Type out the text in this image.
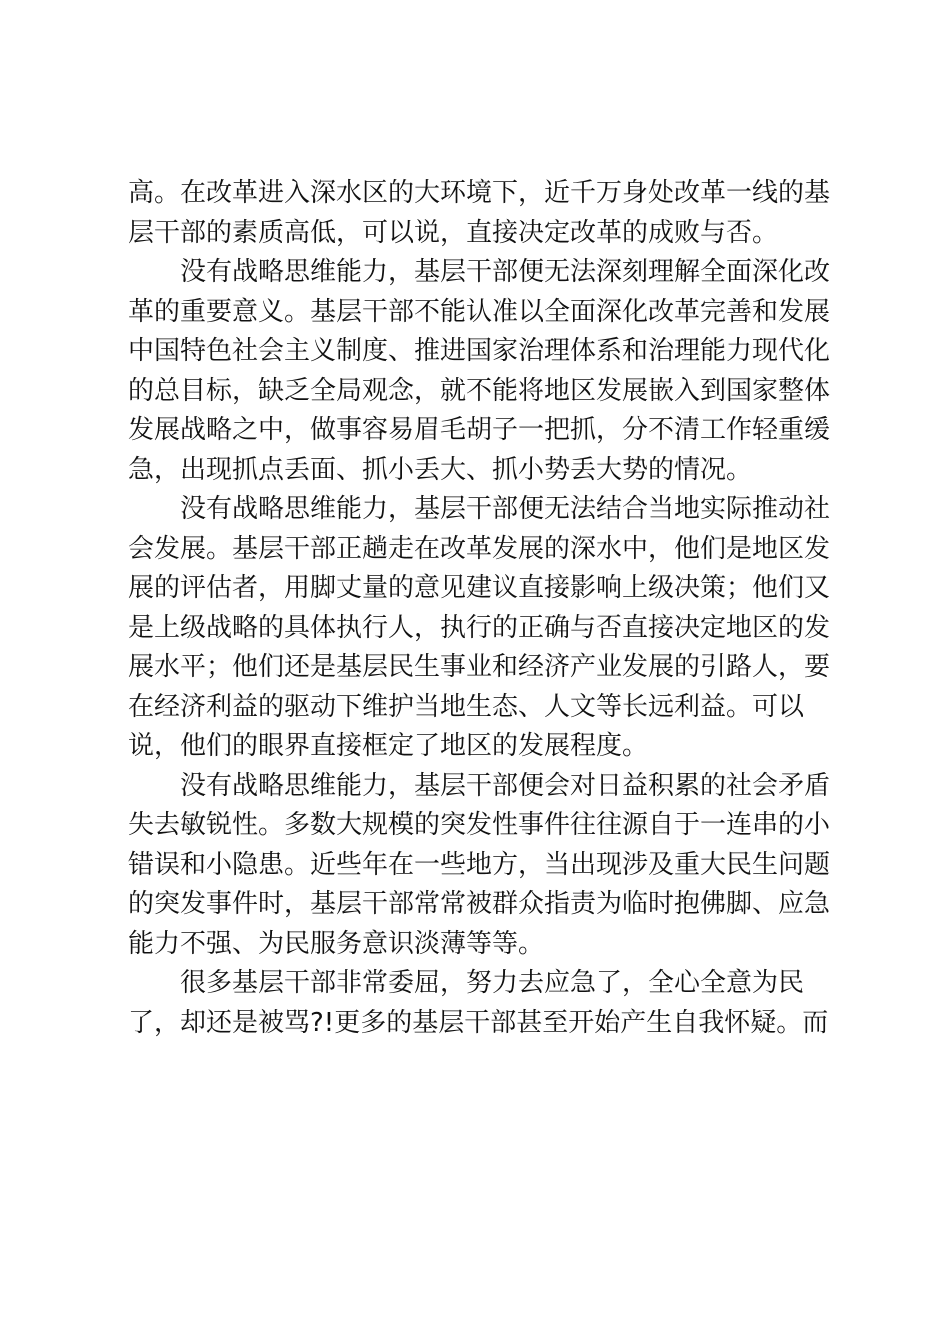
高。在改革进入深水区的大环境下，近千万身处改革一线的基
层干部的素质高低，可以说，直接决定改革的成败与否。
没有战略思维能力，基层干部便无法深刻理解全面深化改
革的重要意义。基层干部不能认准以全面深化改革完善和发展
中国特色社会主义制度、推进国家治理体系和治理能力现代化
的总目标，缺乏全局观念，就不能将地区发展嵌入到国家整体
发展战略之中，做事容易眉毛胡子一把抓，分不清工作轻重缓
急，出现抓点丢面、抓小丢大、抓小势丢大势的情况。
没有战略思维能力，基层干部便无法结合当地实际推动社
会发展。基层干部正趟走在改革发展的深水中，他们是地区发
展的评估者，用脚丈量的意见建议直接影响上级决策；他们又
是上级战略的具体执行人，执行的正确与否直接决定地区的发
展水平；他们还是基层民生事业和经济产业发展的引路人，要
在经济利益的驱动下维护当地生态、人文等长远利益。可以
说，他们的眼界直接框定了地区的发展程度。
没有战略思维能力，基层干部便会对日益积累的社会矛盾
失去敏锐性。多数大规模的突发性事件往往源自于一连串的小
错误和小隐患。近些年在一些地方，当出现涉及重大民生问题
的突发事件时，基层干部常常被群众指责为临时抱佛脚、应急
能力不强、为民服务意识淡薄等等。
很多基层干部非常委屈，努力去应急了，全心全意为民
了，却还是被骂?!更多的基层干部甚至开始产生自我怀疑。而
